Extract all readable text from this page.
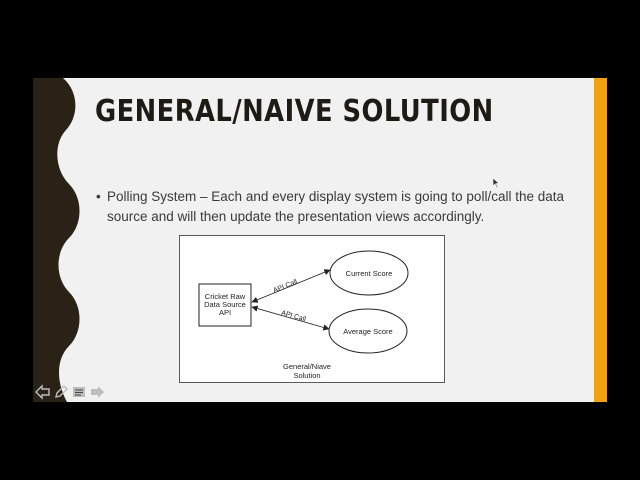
GENERAL/NAIVE SOLUTION
• Polling System – Each and every display system is going to poll/call the data source and will then update the presentation views accordingly.
Cricket Raw
Data Source
API
Current Score
Average Score
API Call
API Call
General/Niave
Solution
